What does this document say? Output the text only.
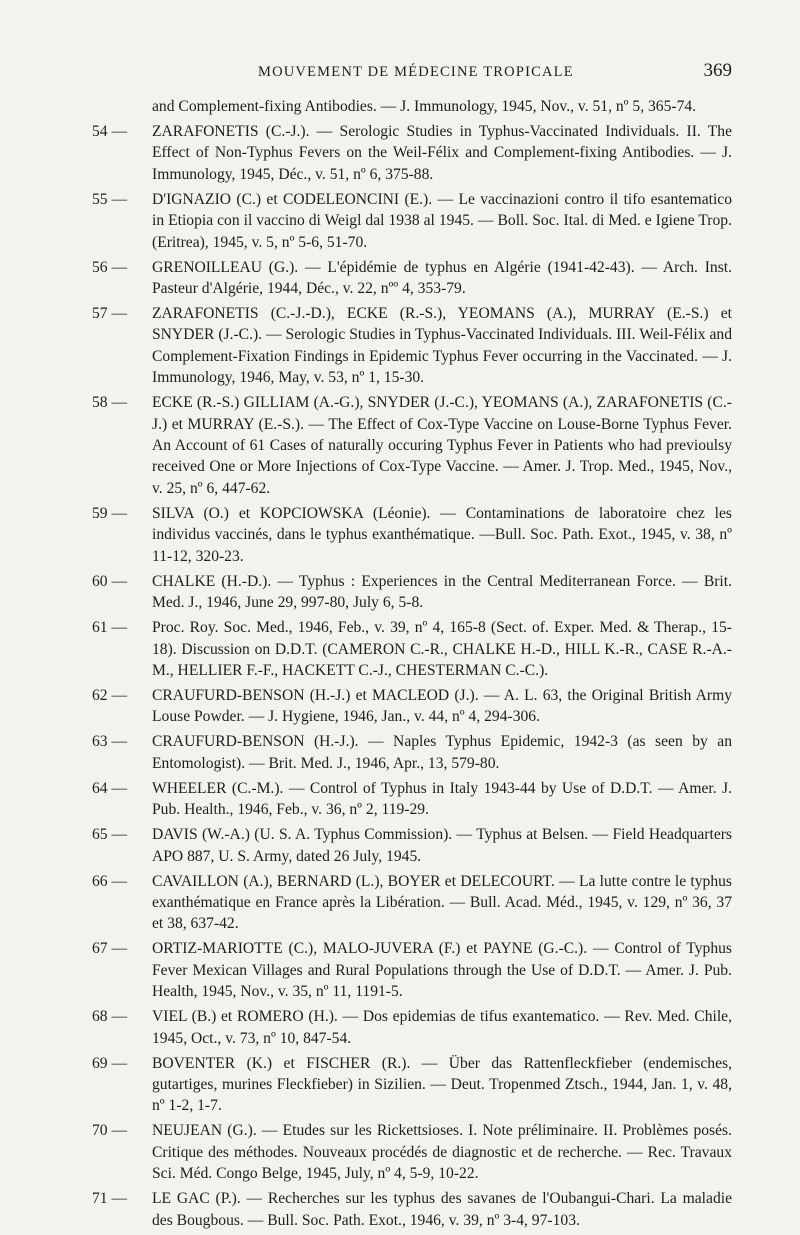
MOUVEMENT DE MÉDECINE TROPICALE	369
and Complement-fixing Antibodies. — J. Immunology, 1945, Nov., v. 51, nº 5, 365-74.
54 —	ZARAFONETIS (C.-J.). — Serologic Studies in Typhus-Vaccinated Individuals. II. The Effect of Non-Typhus Fevers on the Weil-Félix and Complement-fixing Antibodies. — J. Immunology, 1945, Déc., v. 51, nº 6, 375-88.
55 —	D'IGNAZIO (C.) et CODELEONCINI (E.). — Le vaccinazioni contro il tifo esantematico in Etiopia con il vaccino di Weigl dal 1938 al 1945. — Boll. Soc. Ital. di Med. e Igiene Trop. (Eritrea), 1945, v. 5, nº 5-6, 51-70.
56 —	GRENOILLEAU (G.). — L'épidémie de typhus en Algérie (1941-42-43). — Arch. Inst. Pasteur d'Algérie, 1944, Déc., v. 22, nºº 4, 353-79.
57 —	ZARAFONETIS (C.-J.-D.), ECKE (R.-S.), YEOMANS (A.), MURRAY (E.-S.) et SNYDER (J.-C.). — Serologic Studies in Typhus-Vaccinated Individuals. III. Weil-Félix and Complement-Fixation Findings in Epidemic Typhus Fever occurring in the Vaccinated. — J. Immunology, 1946, May, v. 53, nº 1, 15-30.
58 —	ECKE (R.-S.) GILLIAM (A.-G.), SNYDER (J.-C.), YEOMANS (A.), ZARAFONETIS (C.-J.) et MURRAY (E.-S.). — The Effect of Cox-Type Vaccine on Louse-Borne Typhus Fever. An Account of 61 Cases of naturally occuring Typhus Fever in Patients who had previoulsy received One or More Injections of Cox-Type Vaccine. — Amer. J. Trop. Med., 1945, Nov., v. 25, nº 6, 447-62.
59 —	SILVA (O.) et KOPCIOWSKA (Léonie). — Contaminations de laboratoire chez les individus vaccinés, dans le typhus exanthématique. —Bull. Soc. Path. Exot., 1945, v. 38, nº 11-12, 320-23.
60 —	CHALKE (H.-D.). — Typhus : Experiences in the Central Mediterranean Force. — Brit. Med. J., 1946, June 29, 997-80, July 6, 5-8.
61 —	Proc. Roy. Soc. Med., 1946, Feb., v. 39, nº 4, 165-8 (Sect. of. Exper. Med. & Therap., 15-18). Discussion on D.D.T. (CAMERON C.-R., CHALKE H.-D., HILL K.-R., CASE R.-A.-M., HELLIER F.-F., HACKETT C.-J., CHESTERMAN C.-C.).
62 —	CRAUFURD-BENSON (H.-J.) et MACLEOD (J.). — A. L. 63, the Original British Army Louse Powder. — J. Hygiene, 1946, Jan., v. 44, nº 4, 294-306.
63 —	CRAUFURD-BENSON (H.-J.). — Naples Typhus Epidemic, 1942-3 (as seen by an Entomologist). — Brit. Med. J., 1946, Apr., 13, 579-80.
64 —	WHEELER (C.-M.). — Control of Typhus in Italy 1943-44 by Use of D.D.T. — Amer. J. Pub. Health., 1946, Feb., v. 36, nº 2, 119-29.
65 —	DAVIS (W.-A.) (U. S. A. Typhus Commission). — Typhus at Belsen. — Field Headquarters APO 887, U. S. Army, dated 26 July, 1945.
66 —	CAVAILLON (A.), BERNARD (L.), BOYER et DELECOURT. — La lutte contre le typhus exanthématique en France après la Libération. — Bull. Acad. Méd., 1945, v. 129, nº 36, 37 et 38, 637-42.
67 —	ORTIZ-MARIOTTE (C.), MALO-JUVERA (F.) et PAYNE (G.-C.). — Control of Typhus Fever Mexican Villages and Rural Populations through the Use of D.D.T. — Amer. J. Pub. Health, 1945, Nov., v. 35, nº 11, 1191-5.
68 —	VIEL (B.) et ROMERO (H.). — Dos epidemias de tifus exantematico. — Rev. Med. Chile, 1945, Oct., v. 73, nº 10, 847-54.
69 —	BOVENTER (K.) et FISCHER (R.). — Über das Rattenfleckfieber (endemisches, gutartiges, murines Fleckfieber) in Sizilien. — Deut. Tropenmed Ztsch., 1944, Jan. 1, v. 48, nº 1-2, 1-7.
70 —	NEUJEAN (G.). — Etudes sur les Rickettsioses. I. Note préliminaire. II. Problèmes posés. Critique des méthodes. Nouveaux procédés de diagnostic et de recherche. — Rec. Travaux Sci. Méd. Congo Belge, 1945, July, nº 4, 5-9, 10-22.
71 —	LE GAC (P.). — Recherches sur les typhus des savanes de l'Oubangui-Chari. La maladie des Bougbous. — Bull. Soc. Path. Exot., 1946, v. 39, nº 3-4, 97-103.
